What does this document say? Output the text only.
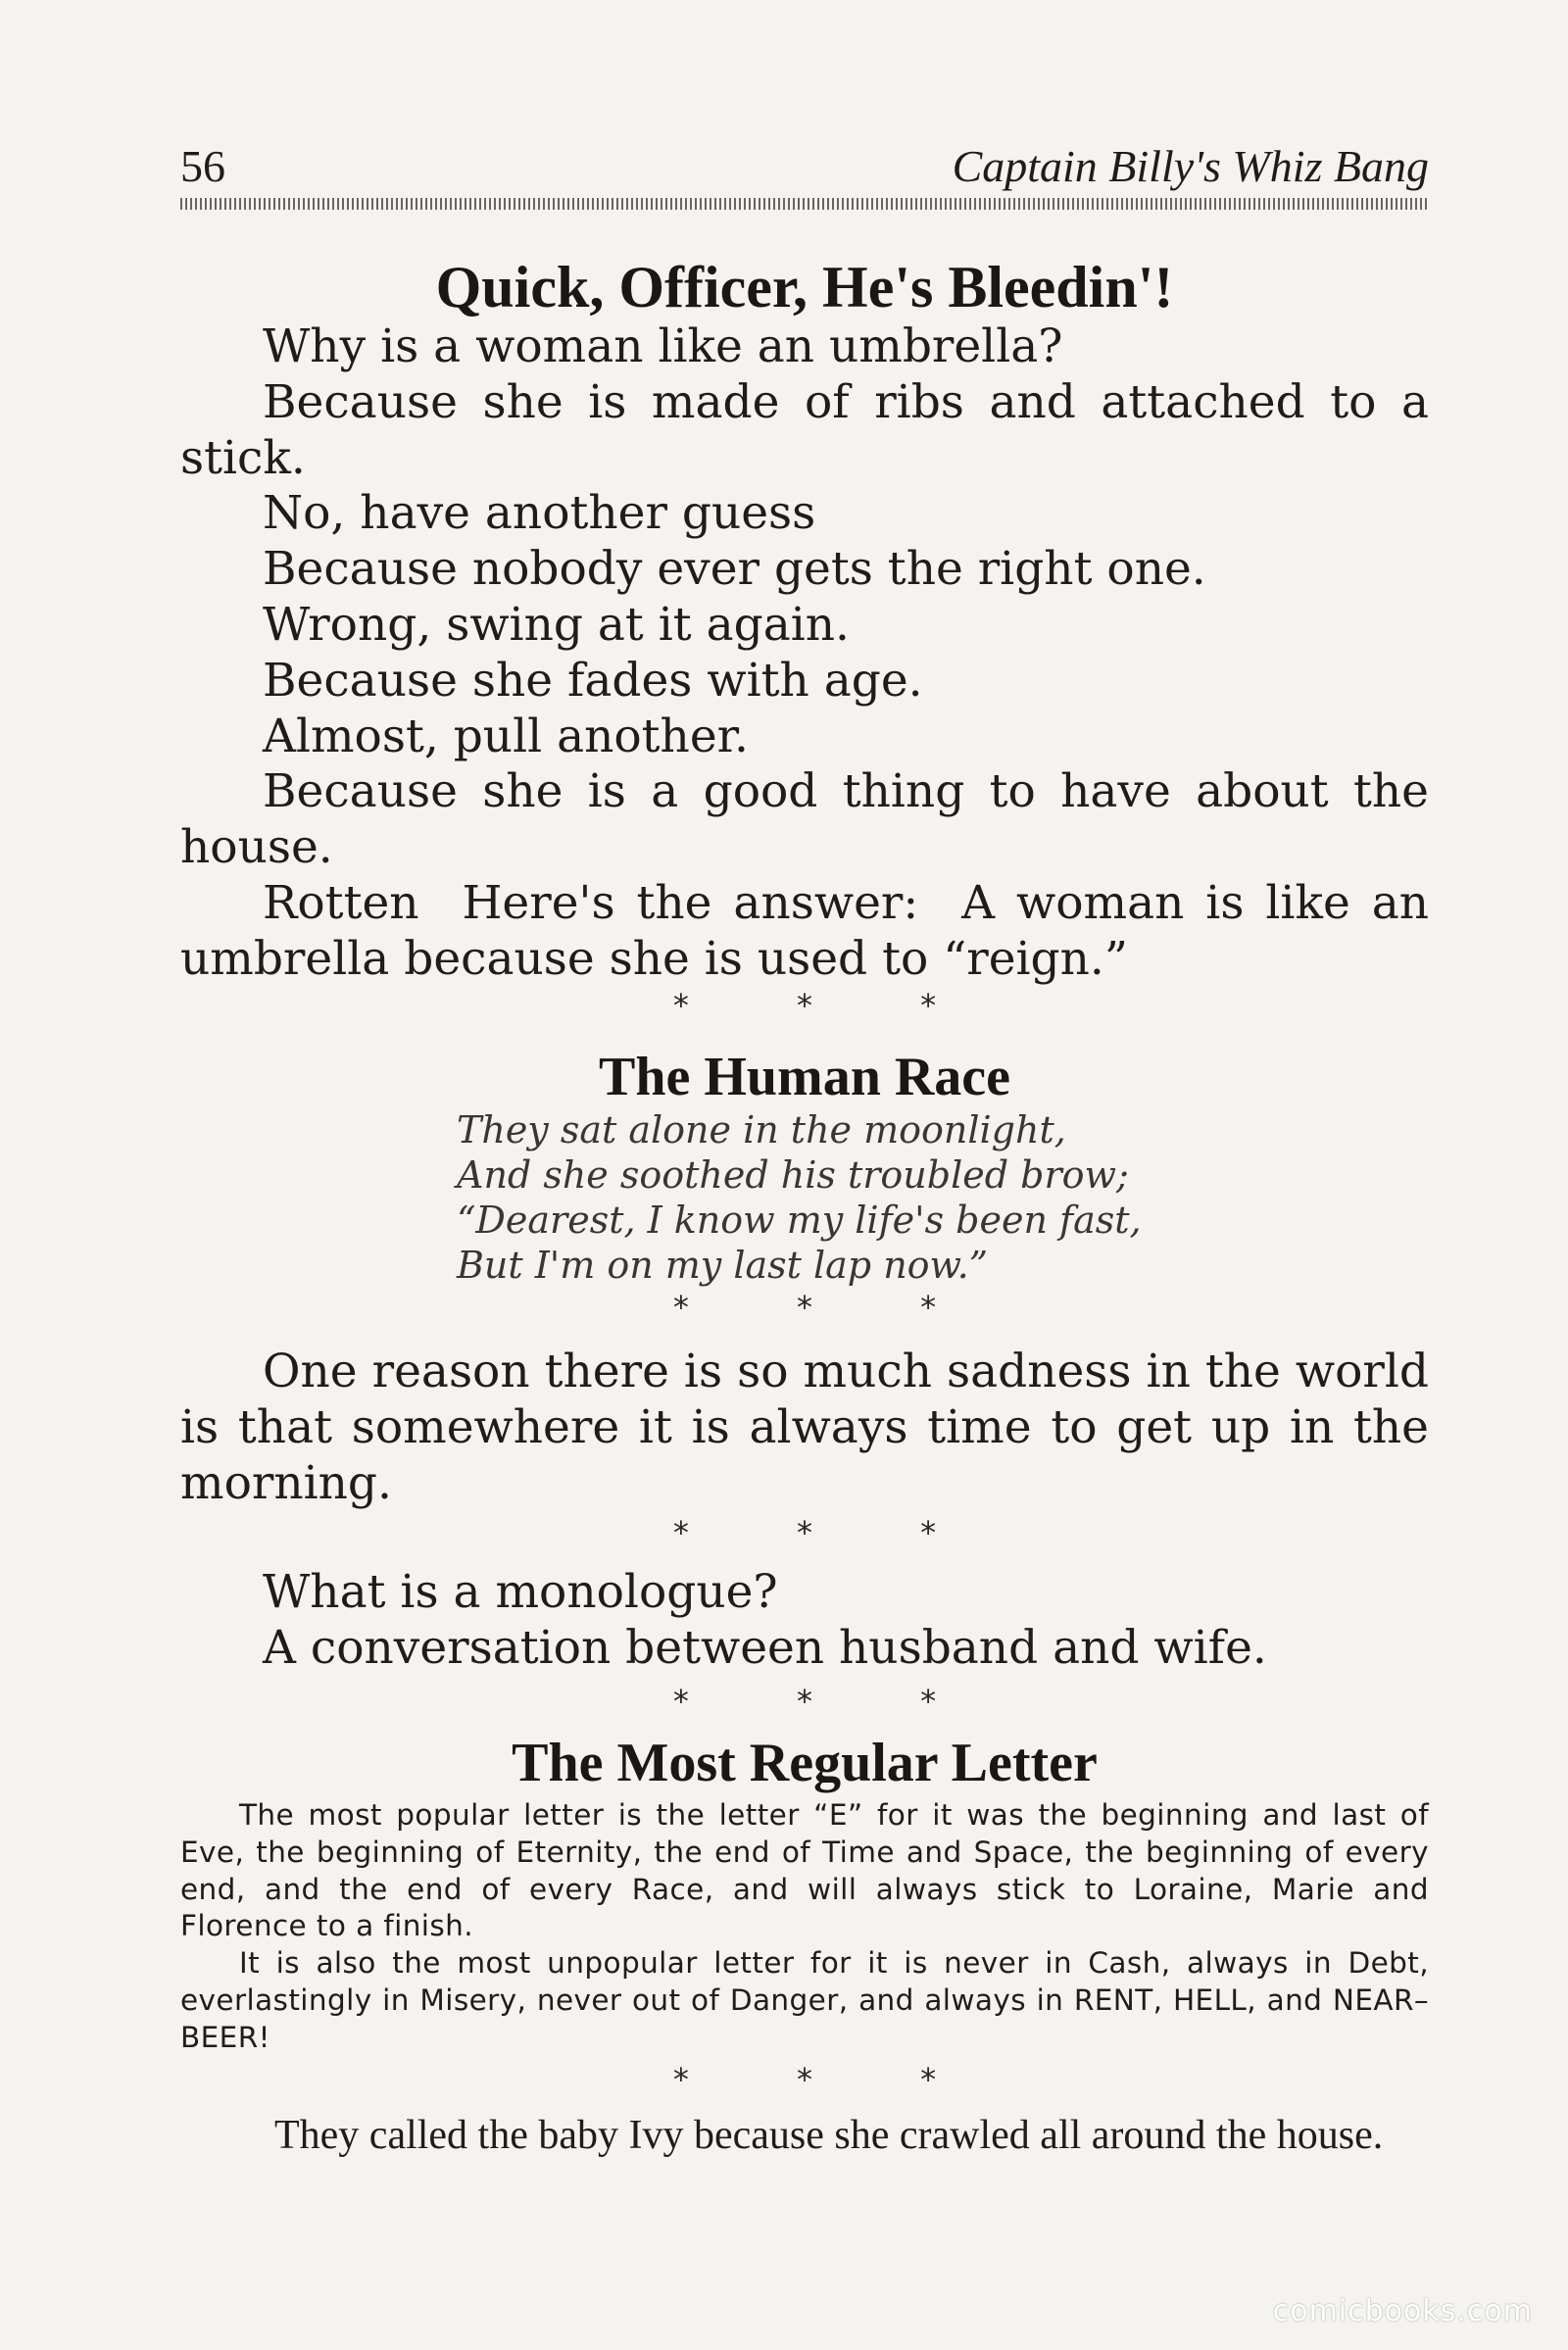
56	Captain Billy's Whiz Bang
Quick, Officer, He's Bleedin'!

Why is a woman like an umbrella?

Because she is made of ribs and attached to a stick.

No, have another guess

Because nobody ever gets the right one.

Wrong, swing at it again.

Because she fades with age.

Almost, pull another.

Because she is a good thing to have about the house.

Rotten  Here's the answer:  A woman is like an umbrella because she is used to “reign.”

* * *
The Human Race
They sat alone in the moonlight,
And she soothed his troubled brow;
“Dearest, I know my life's been fast,
But I'm on my last lap now.”
* * *

One reason there is so much sadness in the world is that somewhere it is always time to get up in the morning.

* * *

What is a monologue?

A conversation between husband and wife.

* * *
The Most Regular Letter

The most popular letter is the letter “E” for it was the beginning and last of Eve, the beginning of Eternity, the end of Time and Space, the beginning of every end, and the end of every Race, and will always stick to Loraine, Marie and Florence to a finish.

It is also the most unpopular letter for it is never in Cash, always in Debt, everlastingly in Misery, never out of Danger, and always in RENT, HELL, and NEAR–BEER!

* * *

They called the baby Ivy because she crawled all around the house.

comicbooks.com
